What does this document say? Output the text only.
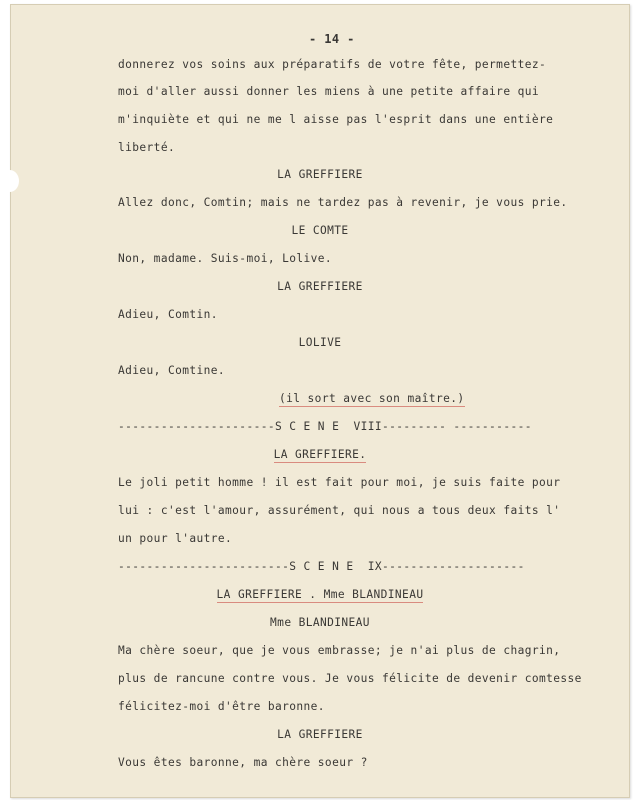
- 14 -
donnerez vos soins aux préparatifs de votre fête, permettez-
moi d'aller aussi donner les miens à une petite affaire qui
m'inquiète et qui ne me l aisse pas l'esprit dans une entière
liberté.
LA GREFFIERE
Allez donc, Comtin; mais ne tardez pas à revenir, je vous prie.
LE COMTE
Non, madame. Suis-moi, Lolive.
LA GREFFIERE
Adieu, Comtin.
LOLIVE
Adieu, Comtine.
(il sort avec son maître.)
----------------------S C E N E  VIII--------- -----------
LA GREFFIERE.
Le joli petit homme ! il est fait pour moi, je suis faite pour
lui : c'est l'amour, assurément, qui nous a tous deux faits l'
un pour l'autre.
------------------------S C E N E  IX--------------------
LA GREFFIERE . Mme BLANDINEAU
Mme BLANDINEAU
Ma chère soeur, que je vous embrasse; je n'ai plus de chagrin,
plus de rancune contre vous. Je vous félicite de devenir comtesse
félicitez-moi d'être baronne.
LA GREFFIERE
Vous êtes baronne, ma chère soeur ?
